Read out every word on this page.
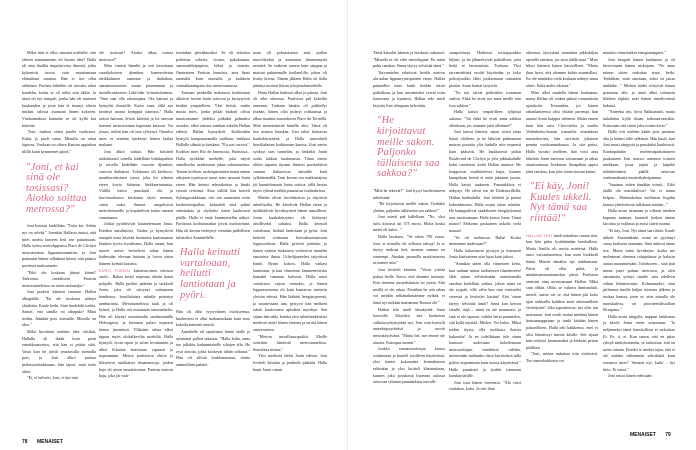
Miksi hän ei ollut sanonut miehelle, että yhteen muuttaminen oli huono idea? Halla oli aina ihaillut impulsiivisia ihmisiä, jotka kykenivät tuosta vain muuttamaan elämäänsä suuntaa. Hän ei itse ollut sellainen. Pariisin lähtökin oli turvattu rahat kaudelta, koska se oli tullut niin äkkiä. Ja tässä oli nyt rumpali, jonka hän oli tuntenut kuukauden ja josta hän ei tiennyt oikein mitään, talossa asumaan hänen kokseen. Vuokramaksut kannalta se oli kyllä kin kätevää.

"Joni, maksat sitten puolet vuokrasta. Kaksi ja puoli sataa. Minulla on rahat lopussa. Vuokran on oltava Kauran appiukon tilillä kuun kymmenes päivä."

"Joni, et kai sinä ole tosissasi? Aiotko soittaa metrossa?"

Joni huitaisi kädellään. "Totta kai. Sehän nyt on selvää." Jotenkin Hallasta tuntui, että mies unohti lauseen heti sen puhuttuaan. Halla työnsi metrolippunsa Place de Clichyn metroaseman lippuautomaattiin, ja Joni painautui hänen selkäänsä kiinni, että pääsisi porteista maksamatta.

"Etkö ole koskaan jäänyt kiinni? Tarkoitan, tietääkseni Pariisin metrotunneleissa on usein tarkastajia."

Joni pudotti kätensä rennosti Hallan olkapäälle. "En ole koskaan nähnyt yhtäkään. Kuule beibi. Sinä huolehdit turhia. Sanoit, että sinulla on rahapula? Minä tiedän. Jäädään pois asemalla. Minulla on idea."

Mikä hyväänsä miehen idea olisikin, Hallalla oli ikään kuin pieni ennakkoaavistus, että hän ei pitäisi siitä. Vasta kun he jäivät seuraavalla asemalla pois, ja Joni alkoi purkaa perkussiolaukkuaan, hän tajusi, mitä mies aikoi.

"Ei, ei helvetti, Joni, et kai sinä

ole tosissasi? Aiotko alkaa soittaa metrossa?"

Mies virnisti hänelle ja veti kassistaan suurikokoisen djemben, kameeoitetun afrikkalaisen rummun ja darbukan, samanmuotoisen mutta pienemmän ja metallirunkoisen Lähi-idän lyömäsoittimen. "Sinä saat olla rahastajana. Ota hattuni ja hymyilet ihmisille. Katso vaan, tällä saa kerättyä monta kymppiä tunnissa." Halla tarttui hattuun, levitti kätensä ja loi anovan katseen metroaseman kuperaan kattoon. Voi jessus, mihin hän oli taas ryhtynyt. Onneksi mies ei sentään käskenyt hänen laulaa mukana.

Joni alkoi soittaa. Hän käsitteli taidokkaasti toisella kädellään hiekkapatkea ja toisella kädellään vuoroin djembeä, vuoroin darbukaa. Tuloksena oli kiehtova, monikerroksinen rytmi, joka loi silmien eteen kuvia Saharan hiekkaerämaasta. Välillä metro puuskutti ohi, ja korviasarkaava kirskunta täytti aseman, sitten sadat ihmiset tungeksivat metrolaitureille ja kopistelivat kukin omaan suuntaansa.

Jotkut pysähtyivät kuuntelemaan Jonia. Etenkin naisihmiset. Vaalea ja hymyilevä rumpali osasi käyttää luontaista karismaansa liiankin hyvin hyväkseen, Halla tuumi, kun nuoret naiset heittelivät rahaa hänen kädessään olevaan hattuun ja loivat sitten häneen kylmiä katseita.

EURO, TOINEN, kaksieuroinen, viitosen seteli... Rahaa kertyi nopeaan tahtiin hatun pohjalle. Halla pudisti päätään ja tarkkaili Jonia, joka oli siirtynyt soittamaan bandeiroa, brasilialaista nahalla peitettyä tamburiinia. Metrotunnelissa tuuli ja oli kylmä, ja Halla otti muutamia tanssiaskelia. Hän oli käynyt muutamalla sambatunnilla Helsingissä, ja krinunta palasi nopeasti hänen jäseniinsä. Yllättäen rahaa alkoi tippua myös olokalkevilta miehiltä. Halla hymyili, eroin sipoti ja sitten levakmmin ja alkoi liikuttaa lantiotaan vapaasti ja nopeammin. Metrot paahtoivat ohitse ja liikuttivat tunkkaisia ilmamassoja, joiden hajo oli aivan omanlaisensa. Pariisin metron haju, joka jäi vaat-

teisiinkin päiväkausiksi. Se oli sekoitus poltettua sokeria, virtsaa, pakokaasua, sanomalehtipaperia, hikeä ja siotetta. Ominainen Pariisin lemuista, aina läsnä asemalla kuin asemalla ja kaikkein voimakkaampana itse metrovaunussa.

Aseman penkeillä makaavat kodittomat alkoivat herätä Jonin soittoon ja keräytyivät heidän ympärilleen. Yksi heistä, vanha musta mies, jonka pitkät hiukset olivat muotoutuneet yhdeksi pitkäksi palmuksi rastaksi, alkoi tanssia samban askelin Hallan edessä. Hallaa hymyilytti. Koditonkin hymyili hampaattomalla suullaan, vinkkasi Hallalle silmää ja kuiskasi: "Eu sou carioca". Koditon mies Rio de Janeirosta, Pariisissa... Halla nyökkäsi miehelle, joka näytti onnelliselta saadessaan jakaa salaisuutensa. Toinen koditon, ruskeapartainen mutta ennen aikojaan rypistynyt nuori mies istuutui Jonin eteen. Hän keinui edestakaisin ja lämki rytmiä reisiinsä. Aina välillä hän kaiveli ilykangastakkiaan, veti sen uumenista esiin kuohuviinipullon, kulautteli siitä pitkiä siemauksia ja röyhtäisi sitten kuuluvasti päälle. Halla ei enää kummastellut näkyä. Pariisissa kodittomatkin joivat kuohuviiniä. Hän oli kerran erehtynyt viemään pullollisen tuliaisiksi Annabellelle.

Halla keinutti vartaloaan, heilutti lantiotaan ja pyöri.

Hän oli ollut tyytyväinen ostokseensa, kuohuviini ei ollut maksanutkaan kuin euro kaksikymmentä senttiä.

Annabelle oli taputtanut häntä olalle ja ojentanut pullon takaisin. "Halla kulta, anna tuo jollekin kadunmiehelle siltojen alla. He ovat ainoita, jotka koskevat tähän sotkuun." Hän oli silloin loukkaantunut, mutta ammoilleen palatte-

naan oli poksauttanut auki pullon muovikorkin ja maistanut lämmennyttä nestettä. Se vaahtosi suussa kuin saippua ja maistui pahimmalle kotibeolille, johon oli lisätty hiivaa. Tämän jälkeen Halla oli ilolla jättänyt moisen litkun siltojenalusmiehille.

Hattu Hallan kädessä alkoi jo painaa. Joni oli ollut oikeassa. Pariisissa piti kokeilla onneaan. Turhaan hänkin oli pidätellyt itseään, hänen olisi pitänyt rohkaistua ja alkaa maalata muotokuvia Place du Tertrellä. Mitä menetettävää hänellä olisi. Tämä oli itse asiassa hauskaa. Joni takoi kiimavaa kuubalaisrytmiä, ja Halla tanssahteli brasilialaisen kodittoman kanssa. Uusi metro syöksyi taas tunneliin, ja hetkeksi Jonin soitto lakkasi kuulumasta. Tämä metro olikin tupaten täynnä, ihmiset purskahtivat vaunun liukuovista laiturille kuin sylkäisemällä. Taas kerran osa matkustajista jäi kuuntelemaan Jonin soittoa, tällä kertaa myös ryhmä miehiä punaisissa tuulitakeissa.

Miehet olivat leveähartisia ja näyttivät urheilijoilta. He kävelivät Hallan eteen ja nyökkäilivät hyväksyvästi hänen tanssilleen. Jonin kuubalaisrytmi oli kiihtynyt aistilliseksi salsaksi. Halla keinutti vartaloaan, heilutti lantiotaan ja pyöri. Joni keksitti voimansa korviahuumaavaan loppusooloon. Halla pyöritti päätään, ja hänen vaaleat hiuksensa viuhtoivat tunnelin saastaista ilmaa. Urheilijamiehet taijottivat häntä. Rytmi kohosi, Halla vatkasi lantiotaan, ja kun viimeinen kimmeneviisku kumahti rummun kalvoon, Halla antoi vartalonsa vajota rennoksi, ja hänen loppuasentonsa oli kuin kumarrus teatterin yleisön edessä. Hän läähätti hengästyneenä, ja noustessaan taas pystyyn hän melkein odotti kuulevansa aplodien myrskyn. Sen sijaan hän näki, kuinka yksi urheilutakkisista miehistä asteli hänen eteensä ja tarttui hänen ranteeseensa.

"Metron turvallisuuspoliisi. Meille soitettiin häiriöstä metrotunnelissa. Seuratkaa minua."

Yksi miehistä elehti Jonin edessä. Joni levitteli käsiään ja pudisteli päätään. Halla haasi Jonin ruiseä.

78 MENAISET

Tämä katsahti häneen ja huokaisi raskaasti: "Minulla ei ole edes metrolippua. En minä puhu ranskaa. Sinun täytyy selvittää tämä."

Turvamiehet taluttivat heidät metron ala-aulan lippumyyntipisteen eteen. Hallaa puhutellut mies käski heidän seistä paikallaan, ja kun turvamiehet veivät esiin kansionsa ja kynänsä, Hallan teki mieli kirjoita Joni alimpaan helvettiin.

"He kirjoittavat meille sakon. Paljonko tällaisesta saa sakkoa?"

"Mitä he tekevät?" Joni kysyi huolestuneen näköisenä.

"He kirjoittavat meille sakon. Tiedätkö yhtään, paljonko tällaisesta saa sakkoa?"

Joni mietti pää kallellaan. "No, yksi tuttu kitaristi sai 375 euroa. Mutta koska meitä oli kaksi..."

Halla huokaisi. "Se tekee 750 euroa. Joni, ei minulla ole sellaisia rahoja! Ja se täytyy maksaa heti, muuten summa on suurempi. Ainakin puomilla markostaessa se menee niin."

Joni levitteli käsiään. "Voisit yrittää puhua heille. Kerro, että olemme turisteja. Että olemme australialaisia tai jotain. Että meillä ei ole rahaa. Eiväthän he sitä rahaa voi meidän selkänahastamme nylkeä, ei tämä nyt mikään mainainen Rooma ole."

Hallan teki mieli läimäyttää Jonia kasvoille. Käyttäisi sitä kauhoissa valkoitusyhymyiään nyt, Joni vain hymyili anteeksipyytävästi ja osoitti metrokäytävään. "Mutta hei, me emme ole ainoita. Katsopas tuonne."

Joukko romaniosoittajia kantoi soittimiaan ja huuteli toisilleen käytävässä, yksi kantoi kokonaista kontrabassoa selässään ja yksi luritteli klarinettiaan, kunnes joku porukasta huomasi aulassa seisovan ryhmän punatakkisia turvalli-

suuspoliiseja. Hetkessä soittajajoukko hiljeni, ja he jähmettyivät paikalleen, jotta heitä ei huomattaisi. Turhaan. Yksi turvamiehistä osoitti käytävään, ja koko poliisijoukko lähti juoksemaan romanien perään. Jonin hartiat lyttyivät.

"No nyt saivat poliisitkin isomman saaliin. Ehkä he eivät nyt anna meille niin isoa sakkoa."

Halla katsoi ympärilleen tyhjässä aulassa. "Tai ehkä he eivät anna sakkoa ollenkaan, jos otamme jalat allemme!"

Joni katsoi häneen, tajusi sitten ottaa kassit olalleen, ja he lähtivät pinkomaan metron portaita ylös kadulle niin nopeasti kuin pääsivät. He laukkasivat pitkin Boulevard de Clichyä ja ylös pikkukadulle kohti rautatietä, kohti Hallan asuntoa. He harppoivat mutkittelevia kujia, kunnes kumpikaan heistä ei enää jaksanut juosta. Halla katsoi taakseen. Punatakkisia ei näkynyt. He olivat rue de Dodeauvillellä, Hallan kotikadulla. Joni läähätti ja painui kaksinkerroin, Halla nojasi talon seinään. He kamppailivat saadakseen hengityksensä taas tasoittumaan. Halla katsoi Jonia. Tämä nauroi! Mekoma paskainen uskalsi vielä nauraa!

"Se oli mahtavaa, Halla! Koska menemme uudestaan?"

Halla kohottautui pystyyn ja kumautti Jonia käsivarteen niin lujaa kuin jaksoi.

"Annakin sitten olla viimeinen kerta, kun raahaat minut tuollaiseen tilanteeseen! Jätät minut selvittämään onnettomalla ranskan kielelläni sotkua, johon minä en ole syypää, sillä välin kun sinä virnistelet vieressä ja levittelet käsiäsi! Että 'sinun täytyy selvittää tämä'! Anna kun kerron sinulle, ääjä – minä en ole mammasi, ja sinä et ole lapseni, vaikka herra parantelos, sitä kyllä näyttää. Miehet. Voi haloo. Miksi teidän täytyy olla tuollaisia ikuisia kakaroita! Ja en todellakaan tule sinun kanssasi uudestaan kokeilemaan metrosoittajan venäläistä rulettia, miettimään mahtaako tässä käytävässä tulla poliisi nopeammin kuin tuossa käytävässä." Halla puuskutti ja lysähti istumaan katukäytävälle.

Joni istui hänen viereensä. "Älä viitsi vaahdota, kulta. Ja olet ihan

oikeassa, täytyyhän minunkin pikkuhiljaa opetella ranskaa, jos aion täällä asua." Mies hilasi kätensä hänen hartioilleen. "Mutta ihan hyvä, että olemme kohta asunnollasi. En ole nimittäin vielä koskaan nähnyt sinua alasti. Enkä malta odottaa."

Mies alkoi suudella hänen kaulaansa, mutta Hallan oli vaikea päästä romanttisiin ajatuksiin. Toisaankin, jos hänen rahatilanteensa olisi yhtään parempi, hän antaisi Jonin kalppia tiehensä. Mutta ennen kuin hän saisi Chocottelta ja muilta Vedenheitto-baarin transuilta etumaksua muotokuvista, hän tarvitsisi jokaisen pennin vuokranmaksuun. Ja sitä paitsi, Halla virnisti itselleen, hän voisi aina lähettää Jonin metroon soittamaan ja rahaa ansaitsemaan. Itsekseen. Sinäpähän oppisi jättä ranskaa, kun jäisi toisen kerran kiinni.

"Ei käy, Joni! Kuules ukkeli. Nyt tämä saa riittää!"

HALLAN TEKI mieli nukahtaa saman tien, kun hän pääsi lysähtämään hetekalleen. Mutta Jonilla oli muita mielessä. Halla tunsi vaivautuneensa, kun mies hiokkaili häntä. Menisi tämäkin nyt nukkumaan. Päivä oli ollut pitkä, ja mitäänsanomattomiskin päivä Pariisissa onnistui aina uuvuttamaan Hallan. Mikä sinä olikin. Oliko se valtava ihmismäärä, meteli, saaste vai se, että hänen piti koko ajan tarkkailla kaikkea aistit äärimmilleen viritettyinä? Joka tapauksessa, nyt olisi uni maistunut. Joni availi maina miehinä hänen housunnappejaan ja tunki kättään hänen pakaroilleen. Halla teki kaikkensa, ettei ei olisi läimäissyt miestä käsille. Sen sijaan hän vetäytyi kauemmaksi ja kiekaisi peiton päälleen.

"Joni, minua nukuttaa niin vietävästi. Tuo metrokohkotus vei

minulta viimeisetkin energianrippeet."

Joni hengitti hänen kaulaansa ja oli hierovinaan hänen niskojaan. "No anna minun sitten nukuttaa sinut, beibi. Tiedäthän, mitä sanotaan, seksi on paras unilääke..." Miehen kädet siirtyivät hänen paitaansa alle, ja tämä alkoi tottunein liikkein räplätä auki hänen rintaliiviensä hakasia.

"Anteeksi nyt, hyvä Nakkumatti, mutta nukahdan kyllä ilman taikasauvaasikin. Katsotaan sitä sitten joku toinen kerta."

Halla veti miehen kädet pois paitansa alta ja käänsi tälle selkänsä. Hän kuuli, kun Joni nousi sängystä ja puuskahti kuuluvasti. Kanttapäätäin mielensäpahoittuneet paakuttaen Joni marssi asunnon toiseen nurkkaan, jossa jupisi ja käpälöi retkikeittimen päällä seisovaa vanhanaikaista mutterikahvipannua.

"Saatana, miten tämäkin toimii... Eikö täällä ole mariskahvia? Vai ei muna kelpaa... Mahtaakohan tuollaisen frigidin kanssa yhteiseloota tullakaan mitään..."

Halla nousi istumaan ja vilkaisi miehen hapanta naamaa, kuunteli hetken tämän kiroilua ja valitusta ja avasi sitten suunsa.

"Ei käy, Joni. Nyt tämä saa riittää. Kuule ukkeli. Ensinnäkään, minä en pyytänyt sinua luokseni asumaan. Sinä änkesit tänne itse. Mutta minä hyväksyin, koska me molemmat olemme rahapulassa ja halusin auttaa maanmiestäni. Toisekseen – sinä jätit minut juuri pulaan metrossa, ja olen sattumoita syönyt sinulle siitä edelleen vähän käärmeissäni. Kolmanneksi, olen piffannut sinulle kaljan toisensa jälkeen ja ruokaa kanssa, joten se, ettei minulla ole mariskahvia, on prioriteettilistallani 66:mpana."

Halla nousi sängyltä, nappasi farkkunsa ja käveli Jonin eteen seisomaan. "Ja neljänneksi tämä huushollissa ei tarkoittaa Ei. Ee, ii, ei. Kun sanon, että en jaksa ryhtyä sänkyhommiin, se tarkoittaa, että on turha ruinata. Etteikö te miehet tajua, että ei ole mitään vähemmän seksikästä kuin ruinaava mies? 'Antaisit nyt, kulta' – hyi hitto. Ei toimi."

Joni seisoi hänen edessään

MENAISET 79
